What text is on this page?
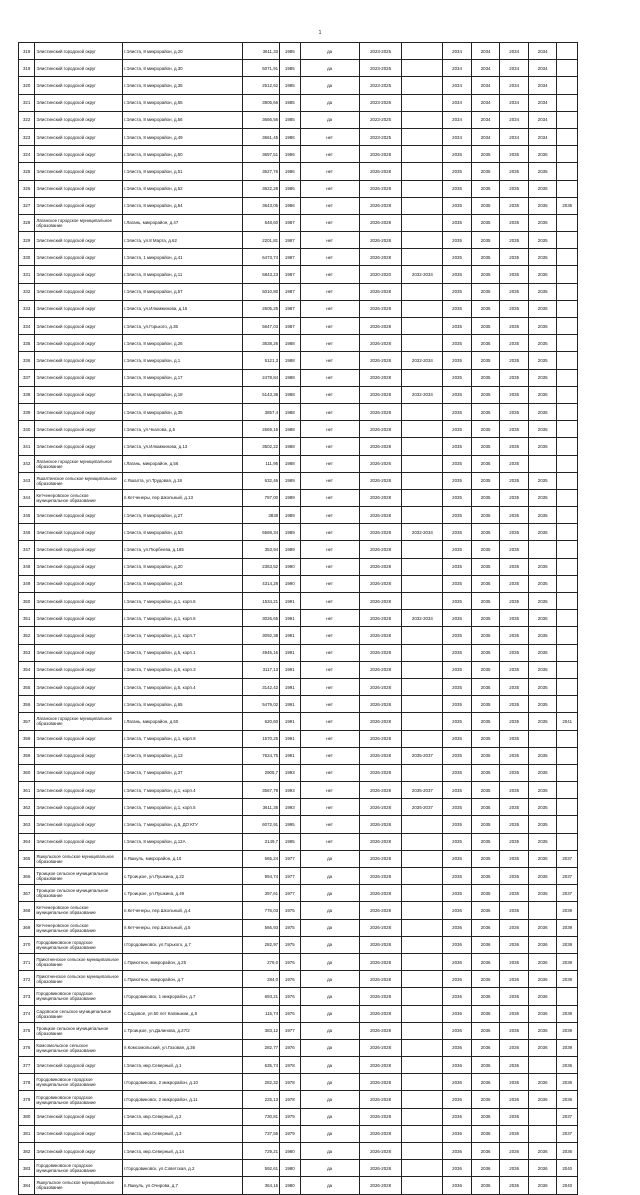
1
318	Элистинский городской округ	г.Элиста, 8 микрорайон, д.20	3611,33	1985	да	2023-2025		2034	2034	2034	2034	
319	Элистинский городской округ	г.Элиста, 8 микрорайон, д.30	5071,91	1985	да	2023-2025		2034	2034	2034	2034	
320	Элистинский городской округ	г.Элиста, 8 микрорайон, д.35	2512,62	1985	да	2023-2025		2034	2034	2034	2034	
321	Элистинский городской округ	г.Элиста, 8 микрорайон, д.55	3905,66	1985	да	2023-2025		2034	2034	2034	2034	
322	Элистинский городской округ	г.Элиста, 8 микрорайон, д.56	3666,56	1985	да	2023-2025		2034	2034	2034	2034	
323	Элистинский городской округ	г.Элиста, 8 микрорайон, д.49	3661,45	1986	нет	2023-2025		2034	2034	2034	2034	
324	Элистинский городской округ	г.Элиста, 8 микрорайон, д.50	3697,51	1986	нет	2026-2028		2035	2035	2035	2035	
325	Элистинский городской округ	г.Элиста, 8 микрорайон, д.51	3627,76	1986	нет	2026-2028		2035	2035	2035	2035	
326	Элистинский городской округ	г.Элиста, 8 микрорайон, д.52	3622,28	1986	нет	2026-2028		2035	2035	2035	2035	
327	Элистинский городской округ	г.Элиста, 8 микрорайон, д.54	3643,05	1986	нет	2026-2028		2035	2035	2035	2035	2035
328	Лаганское городское муниципальное образование	г.Лагань, микрорайон, д.47	648,60	1987	нет	2026-2028		2035	2035	2035	2035	
329	Элистинский городской округ	г.Элиста, ул.8 Марта, д.62	2201,81	1987	нет	2026-2028		2035	2035	2035	2035	
330	Элистинский городской округ	г.Элиста, 1 микрорайон, д.41	6473,74	1987	нет	2026-2028		2035	2035	2035	2035	
331	Элистинский городской округ	г.Элиста, 8 микрорайон, д.11	6843,23	1987	нет	2020-2020	2032-2034	2035	2035	2035	2035	
332	Элистинский городской округ	г.Элиста, 8 микрорайон, д.57	5010,80	1987	нет	2026-2028		2035	2035	2035	2035	
333	Элистинский городской округ	г.Элиста, ул.Илюмжинова, д.15	2605,25	1987	нет	2026-2028		2035	2035	2035	2035	
334	Элистинский городской округ	г.Элиста, ул.Горького, д.35	5647,03	1987	нет	2026-2028		2035	2035	2035	2035	
335	Элистинский городской округ	г.Элиста, 8 микрорайон, д.26	3638,26	1988	нет	2026-2028		2035	2035	2035	2035	
336	Элистинский городской округ	г.Элиста, 8 микрорайон, д.1	5121,3	1988	нет	2026-2028	2032-2034	2035	2035	2035	2035	
337	Элистинский городской округ	г.Элиста, 8 микрорайон, д.17	2478,84	1988	нет	2026-2028		2035	2035	2035	2035	
338	Элистинский городской округ	г.Элиста, 8 микрорайон, д.18	5143,38	1988	нет	2026-2028	2032-2034	2035	2035	2035	2035	
339	Элистинский городской округ	г.Элиста, 8 микрорайон, д.35	3857,4	1988	нет	2026-2028		2035	2035	2035	2035	
340	Элистинский городской округ	г.Элиста, ул.Чкалова, д.5	2669,16	1988	нет	2026-2028		2035	2035	2035	2035	
341	Элистинский городской округ	г.Элиста, ул.Илюмжинова, д.13	3502,22	1988	нет	2026-2028		2035	2035	2035	2035	
342	Лаганское городское муниципальное образование	г.Лагань, микрорайон, д.56	111,95	1988	нет	2026-2026		2035	2035	2035		
343	Яшалтинское сельское муниципальное образование	с.Яшалта, ул.Трудовая, д.18	632,46	1989	нет	2026-2028		2035	2035	2035	2035	
344	Кетченеровское сельское муниципальное образование	п.Кетченеры, пер.Школьный, д.13	787,00	1989	нет	2026-2028		2035	2035	2035	2035	
345	Элистинский городской округ	г.Элиста, 8 микрорайон, д.27	3838	1989	нет	2026-2028		2035	2035	2035	2035	
346	Элистинский городской округ	г.Элиста, 8 микрорайон, д.53	6569,34	1989	нет	2026-2028	2032-2034	2035	2035	2035	2035	
347	Элистинский городской округ	г.Элиста, ул.Пюрбеева, д.165	353,94	1989	нет	2026-2028		2035	2035	2035		
348	Элистинский городской округ	г.Элиста, 8 микрорайон, д.20	2363,52	1990	нет	2026-2028		2035	2035	2035	2035	
349	Элистинский городской округ	г.Элиста, 8 микрорайон, д.24	4314,28	1990	нет	2026-2028		2035	2035	2035	2035	
350	Элистинский городской округ	г.Элиста, 7 микрорайон, д.1, корп.6	1534,21	1991	нет	2026-2028		2035	2035	2035	2035	
351	Элистинский городской округ	г.Элиста, 7 микрорайон, д.1, корп.6	3026,65	1991	нет	2026-2028	2032-2034	2035	2035	2035	2035	
352	Элистинский городской округ	г.Элиста, 7 микрорайон, д.1, корп.7	3092,38	1991	нет	2026-2028		2035	2035	2035	2035	
353	Элистинский городской округ	г.Элиста, 7 микрорайон, д.5, корп.1	4945,16	1991	нет	2026-2028		2035	2035	2035	2035	
354	Элистинский городской округ	г.Элиста, 7 микрорайон, д.5, корп.3	3117,13	1991	нет	2026-2028		2035	2035	2035	2035	
355	Элистинский городской округ	г.Элиста, 7 микрорайон, д.5, корп.4	3142,42	1991	нет	2026-2028		2035	2035	2035	2035	
356	Элистинский городской округ	г.Элиста, 8 микрорайон, д.65	5479,02	1991	нет	2026-2028		2035	2035	2035	2035	
357	Лаганское городское муниципальное образование	г.Лагань, микрорайон, д.50	620,60	1991	нет	2026-2028		2035	2035	2035	2035	2041
358	Элистинский городской округ	г.Элиста, 7 микрорайон, д.1, корп.9	1570,25	1991	нет	2026-2028		2035	2035	2035		
359	Элистинский городской округ	г.Элиста, 8 микрорайон, д.13	7624,75	1991	нет	2026-2028	2035-2037	2035	2035	2035	2035	
360	Элистинский городской округ	г.Элиста, 7 микрорайон, д.37	2905,7	1993	нет	2026-2028		2035	2035	2035	2035	
361	Элистинский городской округ	г.Элиста, 7 микрорайон, д.1, корп.4	3567,79	1993	нет	2026-2028	2035-2037	2035	2035	2035	2035	
362	Элистинский городской округ	г.Элиста, 7 микрорайон, д.1, корп.5	3611,35	1993	нет	2026-2028	2035-2037	2035	2035	2035	2035	
363	Элистинский городской округ	г.Элиста, 7 микрорайон, д.5, ДО КГУ	6072,91	1995	нет	2026-2028		2035	2035	2035	2035	
364	Элистинский городской округ	г.Элиста, 8 микрорайон, д.12А	3149,7	1995	нет	2026-2028		2035	2035	2035	2035	
365	Яшкульское сельское муниципальное образование	п.Яшкуль, микрорайон, д.10	665,24	1977	да	2026-2028		2035	2035	2035	2035	2037
366	Троицкое сельское муниципальное образование	с.Троицкое, ул.Пушкина, д.22	994,74	1977	да	2026-2028		2035	2035	2035	2035	2037
367	Троицкое сельское муниципальное образование	с.Троицкое, ул.Пушкина, д.49	397,61	1977	да	2026-2028		2035	2035	2035	2035	2037
368	Кетченеровское сельское муниципальное образование	п.Кетченеры, пер.Школьный, д.4	776,03	1975	да	2026-2028		2036	2036	2036		2039
369	Кетченеровское сельское муниципальное образование	п.Кетченеры, пер.Школьный, д.5	566,93	1975	да	2026-2028		2036	2036	2036	2036	2039
370	Городовиковское городское муниципальное образование	г.Городовиковск, ул.Горького, д.7	282,97	1975	да	2026-2028		2036	2036	2036	2036	2039
371	Приютненское сельское муниципальное образование	с.Приютное, микрорайон, д.25	279,0	1976	да	2026-2028		2036	2036	2036	2036	2039
372	Приютненское сельское муниципальное образование	с.Приютное, микрорайон, д.7	284,0	1976	да	2026-2028		2036	2036	2036	2036	2039
373	Городовиковское городское муниципальное образование	г.Городовиковск, 1 микрорайон, д.7	693,21	1976	да	2026-2028		2036	2036	2036	2036	
374	Садовское сельское муниципальное образование	с.Садовое, ул.50 лет Калмыкии, д.8	115,74	1976	да	2026-2028		2036	2036	2036	2036	2039
375	Троицкое сельское муниципальное образование	с.Троицкое, ул.Далинова, д.27/2	383,12	1977	да	2026-2028		2036	2036	2036	2036	2039
376	Комсомольское сельское муниципальное образование	п.Комсомольский, ул.Газовая, д.36	282,77	1976	да	2026-2028		2036	2036	2036	2036	2039
377	Элистинский городской округ	г.Элиста, мкр.Северный, д.1	635,74	1978	да	2026-2028		2036	2036	2036		2036
378	Городовиковское городское муниципальное образование	г.Городовиковск, 2 микрорайон, д.10	282,32	1978	да	2026-2028		2036	2036	2036	2036	2036
379	Городовиковское городское муниципальное образование	г.Городовиковск, 2 микрорайон, д.11	225,13	1978	да	2026-2028		2036	2036	2036	2036	2036
380	Элистинский городской округ	г.Элиста, мкр.Северный, д.2	730,81	1979	да	2026-2028		2036	2036	2036		2037
381	Элистинский городской округ	г.Элиста, мкр.Северный, д.3	737,55	1979	да	2026-2028		2036	2036	2036		2037
382	Элистинский городской округ	г.Элиста, мкр.Северный, д.14	729,21	1980	да	2026-2028		2036	2036	2036	2036	2036
383	Городовиковское городское муниципальное образование	г.Городовиковск, ул.Советская, д.2	592,61	1980	да	2026-2028		2036	2036	2036	2036	2040
384	Яшкульское сельское муниципальное образование	п.Яшкуль, ул.Очирова, д.7	364,16	1980	да	2026-2028		2036	2036	2036	2036	2040
